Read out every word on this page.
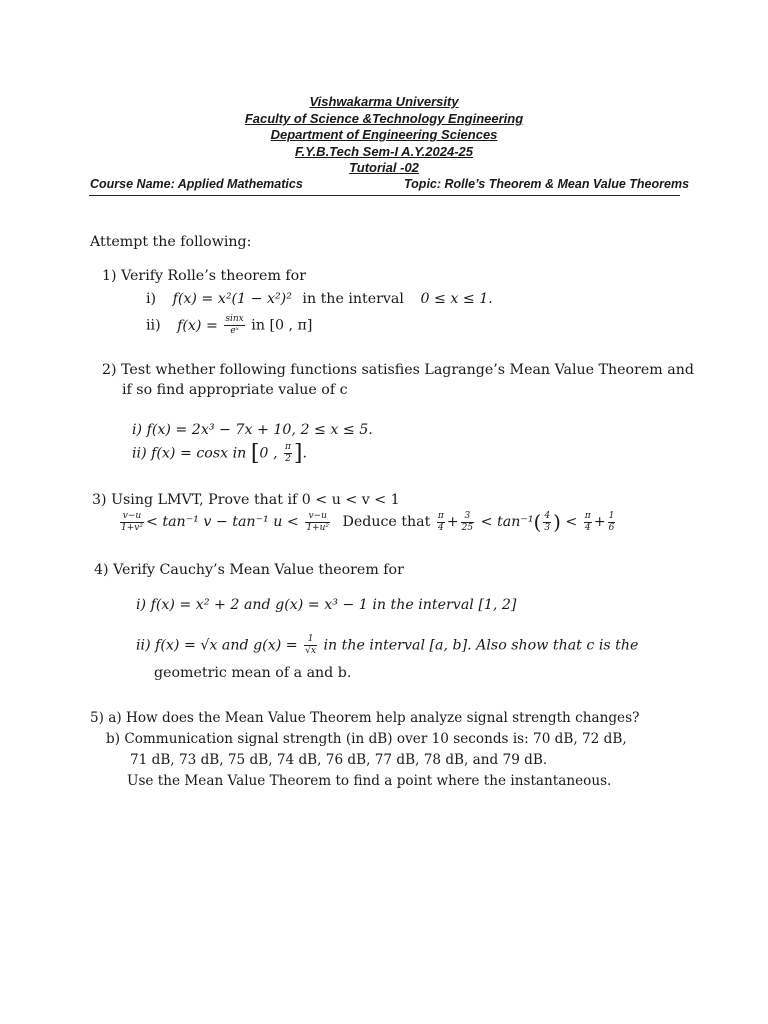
Vishwakarma University
Faculty of Science &Technology Engineering
Department of Engineering Sciences
F.Y.B.Tech Sem-I A.Y.2024-25
Tutorial -02
Course Name: Applied Mathematics	Topic: Rolle’s Theorem & Mean Value Theorems
Attempt the following:
1) Verify Rolle’s theorem for
i) f(x) = x²(1 − x²)² in the interval 0 ≤ x ≤ 1.
ii) $f(x) = \frac{\sin x}{\text{eˣ}}$ in [0 , π]
2) Test whether following functions satisfies Lagrange’s Mean Value Theorem and
if so find appropriate value of c
i) f(x) = 2x³ − 7x + 10, 2 ≤ x ≤ 5.
ii) f(x) = cosx in [0 , $\frac{\pi}{2}$ ].
3) Using LMVT, Prove that if 0 < u < v < 1
$\frac{v-u}{\text{1+v²}} < \tan^{-1}$ v − tan⁻¹ $u < \frac{v-u}{\text{1+u²}}$ Deduce that $\frac{\pi}{4} + \frac{3}{25} < \tan^{-1}( \frac{4}{3}$ ) < $\frac{\pi}{4} + \frac{1}{6}$
4) Verify Cauchy’s Mean Value theorem for
i) f(x) = x² + 2 and g(x) = x³ − 1 in the interval [1, 2]
ii) f(x) = √x and $g(x) = \frac{1}{√x}$ in the interval [a, b]. Also show that c is the
geometric mean of a and b.
5) a) How does the Mean Value Theorem help analyze signal strength changes?
b) Communication signal strength (in dB) over 10 seconds is: 70 dB, 72 dB,
71 dB, 73 dB, 75 dB, 74 dB, 76 dB, 77 dB, 78 dB, and 79 dB.
Use the Mean Value Theorem to find a point where the instantaneous.
